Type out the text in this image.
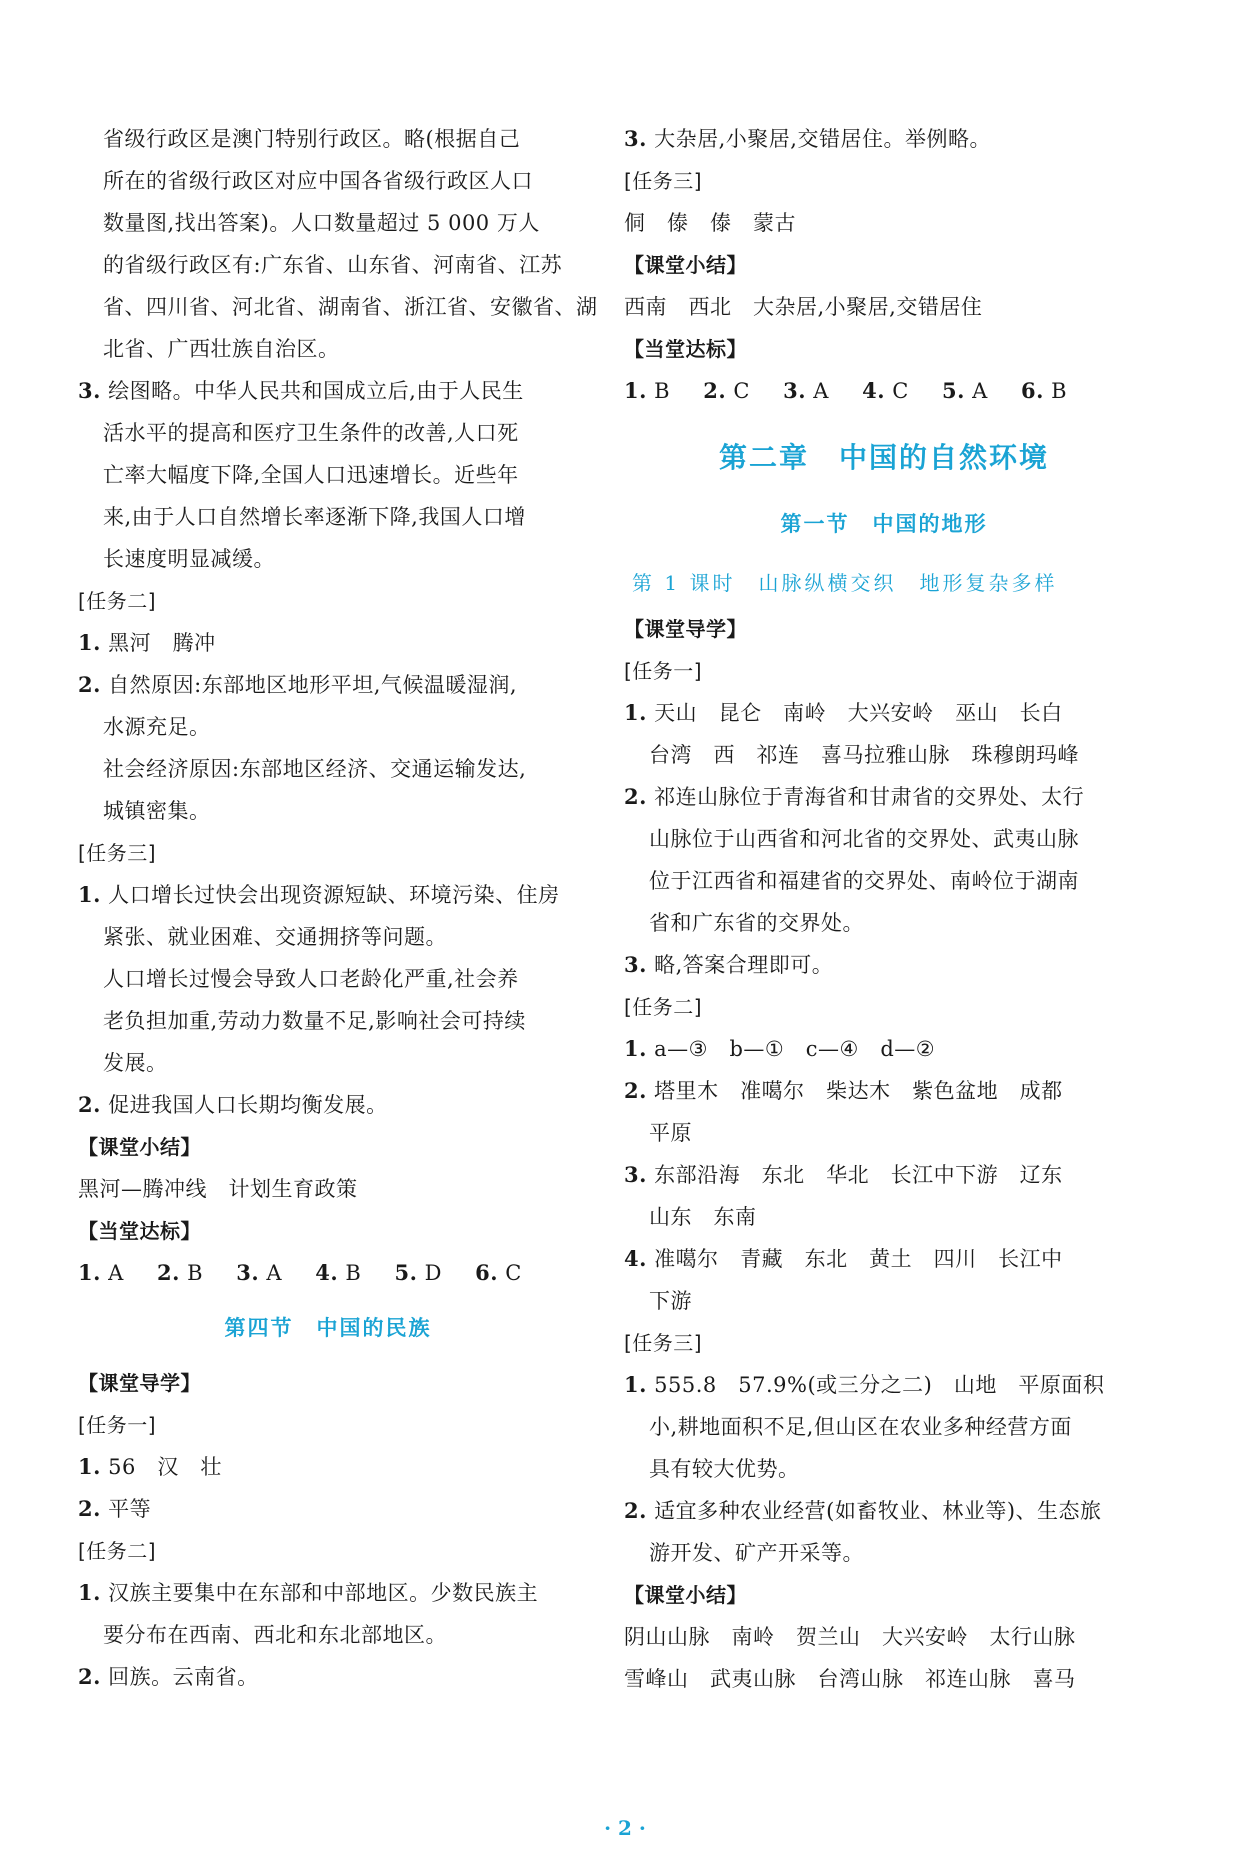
省级行政区是澳门特别行政区。略(根据自己
所在的省级行政区对应中国各省级行政区人口
数量图,找出答案)。人口数量超过 5 000 万人
的省级行政区有:广东省、山东省、河南省、江苏
省、四川省、河北省、湖南省、浙江省、安徽省、湖
北省、广西壮族自治区。
3. 绘图略。中华人民共和国成立后,由于人民生
活水平的提高和医疗卫生条件的改善,人口死
亡率大幅度下降,全国人口迅速增长。近些年
来,由于人口自然增长率逐渐下降,我国人口增
长速度明显减缓。
[任务二]
1. 黑河　腾冲
2. 自然原因:东部地区地形平坦,气候温暖湿润,
水源充足。
社会经济原因:东部地区经济、交通运输发达,
城镇密集。
[任务三]
1. 人口增长过快会出现资源短缺、环境污染、住房
紧张、就业困难、交通拥挤等问题。
人口增长过慢会导致人口老龄化严重,社会养
老负担加重,劳动力数量不足,影响社会可持续
发展。
2. 促进我国人口长期均衡发展。
【课堂小结】
黑河—腾冲线　计划生育政策
【当堂达标】
1. A 2. B 3. A 4. B 5. D 6. C
第四节　中国的民族
【课堂导学】
[任务一]
1. 56　汉　壮
2. 平等
[任务二]
1. 汉族主要集中在东部和中部地区。少数民族主
要分布在西南、西北和东北部地区。
2. 回族。云南省。
3. 大杂居,小聚居,交错居住。举例略。
[任务三]
侗　傣　傣　蒙古
【课堂小结】
西南　西北　大杂居,小聚居,交错居住
【当堂达标】
1. B 2. C 3. A 4. C 5. A 6. B
第二章　中国的自然环境
第一节　中国的地形
第 1 课时　山脉纵横交织　地形复杂多样
【课堂导学】
[任务一]
1. 天山　昆仑　南岭　大兴安岭　巫山　长白
台湾　西　祁连　喜马拉雅山脉　珠穆朗玛峰
2. 祁连山脉位于青海省和甘肃省的交界处、太行
山脉位于山西省和河北省的交界处、武夷山脉
位于江西省和福建省的交界处、南岭位于湖南
省和广东省的交界处。
3. 略,答案合理即可。
[任务二]
1. a—③　b—①　c—④　d—②
2. 塔里木　准噶尔　柴达木　紫色盆地　成都
平原
3. 东部沿海　东北　华北　长江中下游　辽东
山东　东南
4. 准噶尔　青藏　东北　黄土　四川　长江中
下游
[任务三]
1. 555.8　57.9%(或三分之二)　山地　平原面积
小,耕地面积不足,但山区在农业多种经营方面
具有较大优势。
2. 适宜多种农业经营(如畜牧业、林业等)、生态旅
游开发、矿产开采等。
【课堂小结】
阴山山脉　南岭　贺兰山　大兴安岭　太行山脉
雪峰山　武夷山脉　台湾山脉　祁连山脉　喜马
· 2 ·
